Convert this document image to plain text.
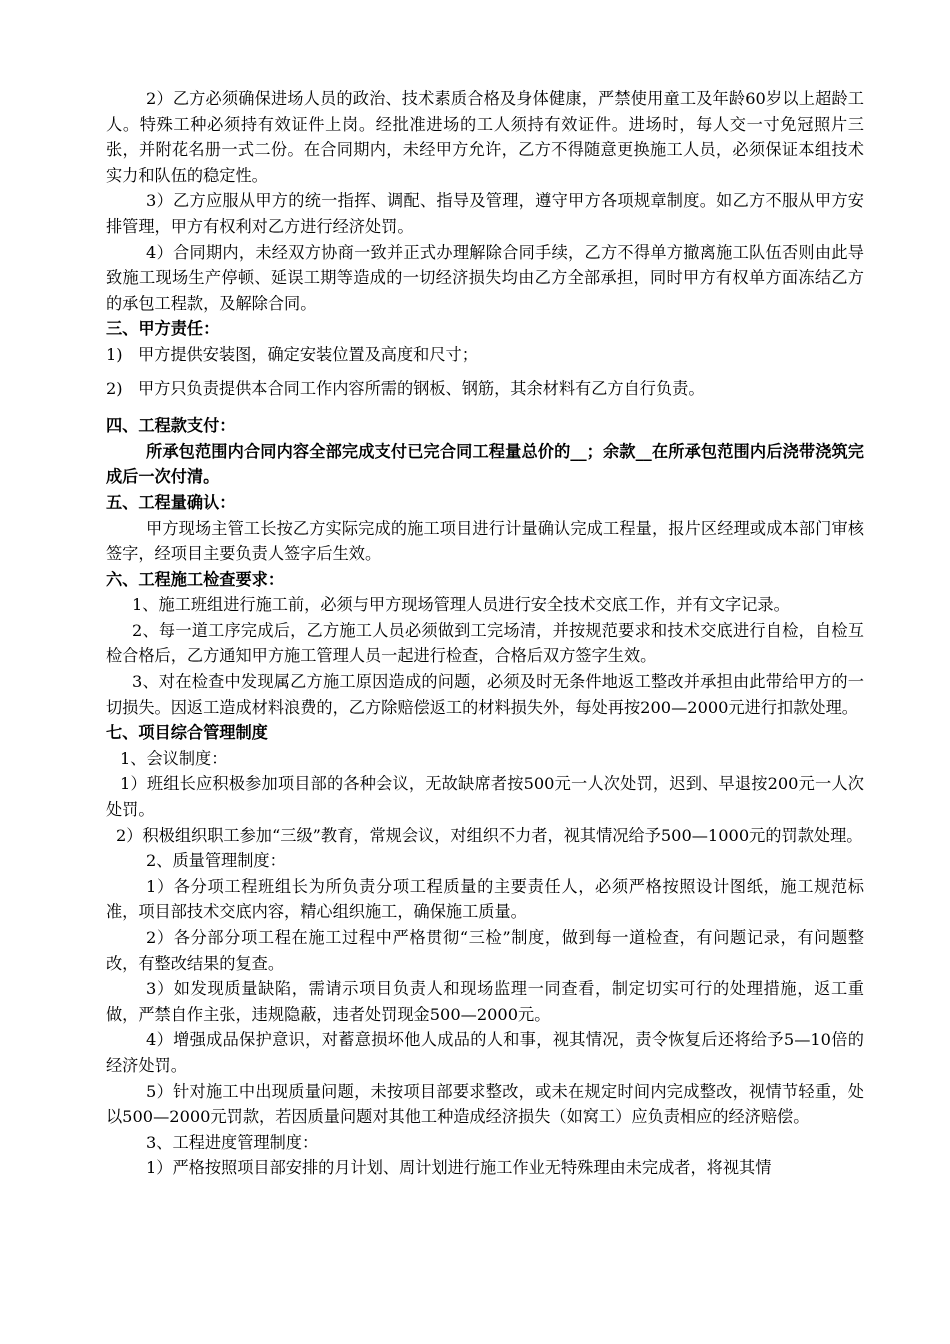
2）乙方必须确保进场人员的政治、技术素质合格及身体健康，严禁使用童工及年龄60岁以上超龄工人。特殊工种必须持有效证件上岗。经批准进场的工人须持有效证件。进场时，每人交一寸免冠照片三张，并附花名册一式二份。在合同期内，未经甲方允许，乙方不得随意更换施工人员，必须保证本组技术实力和队伍的稳定性。

3）乙方应服从甲方的统一指挥、调配、指导及管理，遵守甲方各项规章制度。如乙方不服从甲方安排管理，甲方有权利对乙方进行经济处罚。

4）合同期内，未经双方协商一致并正式办理解除合同手续，乙方不得单方撤离施工队伍否则由此导致施工现场生产停顿、延误工期等造成的一切经济损失均由乙方全部承担，同时甲方有权单方面冻结乙方的承包工程款，及解除合同。

三、甲方责任：

1) 甲方提供安装图，确定安装位置及高度和尺寸；
2) 甲方只负责提供本合同工作内容所需的钢板、钢筋，其余材料有乙方自行负责。

四、工程款支付：

所承包范围内合同内容全部完成支付已完合同工程量总价的__；余款__在所承包范围内后浇带浇筑完成后一次付清。

五、工程量确认：

甲方现场主管工长按乙方实际完成的施工项目进行计量确认完成工程量，报片区经理或成本部门审核签字，经项目主要负责人签字后生效。

六、工程施工检查要求：

1、施工班组进行施工前，必须与甲方现场管理人员进行安全技术交底工作，并有文字记录。

2、每一道工序完成后，乙方施工人员必须做到工完场清，并按规范要求和技术交底进行自检，自检互检合格后，乙方通知甲方施工管理人员一起进行检查，合格后双方签字生效。

3、对在检查中发现属乙方施工原因造成的问题，必须及时无条件地返工整改并承担由此带给甲方的一切损失。因返工造成材料浪费的，乙方除赔偿返工的材料损失外，每处再按200—2000元进行扣款处理。

七、项目综合管理制度

1、会议制度：

1）班组长应积极参加项目部的各种会议，无故缺席者按500元一人次处罚，迟到、早退按200元一人次处罚。

2）积极组织职工参加“三级”教育，常规会议，对组织不力者，视其情况给予500—1000元的罚款处理。

2、质量管理制度：

1）各分项工程班组长为所负责分项工程质量的主要责任人，必须严格按照设计图纸，施工规范标准，项目部技术交底内容，精心组织施工，确保施工质量。

2）各分部分项工程在施工过程中严格贯彻“三检”制度，做到每一道检查，有问题记录，有问题整改，有整改结果的复查。

3）如发现质量缺陷，需请示项目负责人和现场监理一同查看，制定切实可行的处理措施，返工重做，严禁自作主张，违规隐蔽，违者处罚现金500—2000元。

4）增强成品保护意识，对蓄意损坏他人成品的人和事，视其情况，责令恢复后还将给予5—10倍的经济处罚。

5）针对施工中出现质量问题，未按项目部要求整改，或未在规定时间内完成整改，视情节轻重，处以500—2000元罚款，若因质量问题对其他工种造成经济损失（如窝工）应负责相应的经济赔偿。

3、工程进度管理制度：

1）严格按照项目部安排的月计划、周计划进行施工作业无特殊理由未完成者，将视其情
